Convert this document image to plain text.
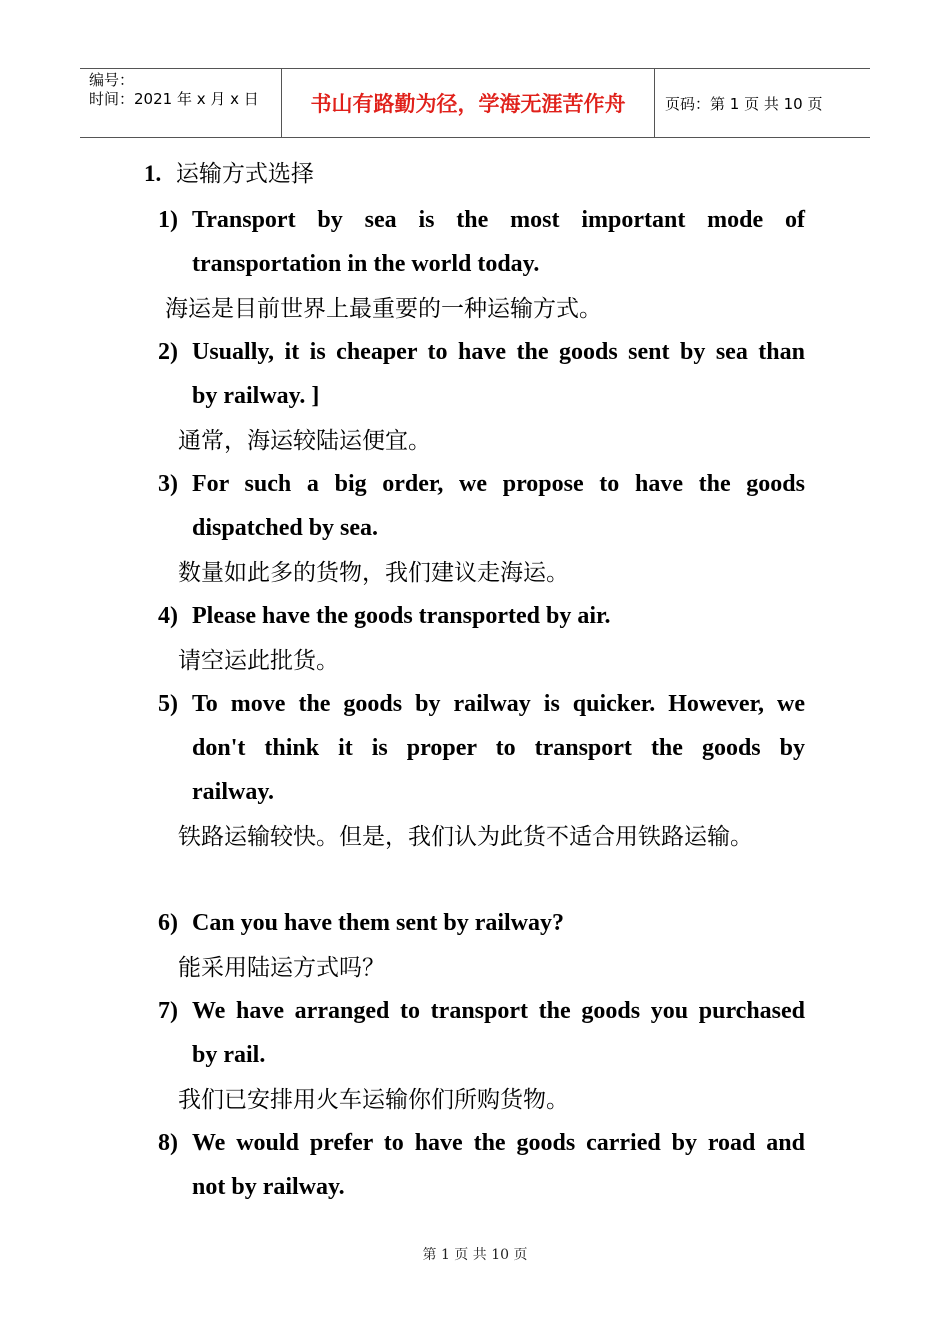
编号：
时间：2021 年 x 月 x 日	书山有路勤为径，学海无涯苦作舟	页码：第 1 页 共 10 页
1. 运输方式选择
1) Transport by sea is the most important mode of
transportation in the world today.
海运是目前世界上最重要的一种运输方式。
2) Usually, it is cheaper to have the goods sent by sea than
by railway. ]
通常，海运较陆运便宜。
3) For such a big order, we propose to have the goods
dispatched by sea.
数量如此多的货物，我们建议走海运。
4) Please have the goods transported by air.
请空运此批货。
5) To move the goods by railway is quicker. However, we
don't think it is proper to transport the goods by
railway.
铁路运输较快。但是，我们认为此货不适合用铁路运输。
6) Can you have them sent by railway?
能采用陆运方式吗？
7) We have arranged to transport the goods you purchased
by rail.
我们已安排用火车运输你们所购货物。
8) We would prefer to have the goods carried by road and
not by railway.
第 1 页 共 10 页
